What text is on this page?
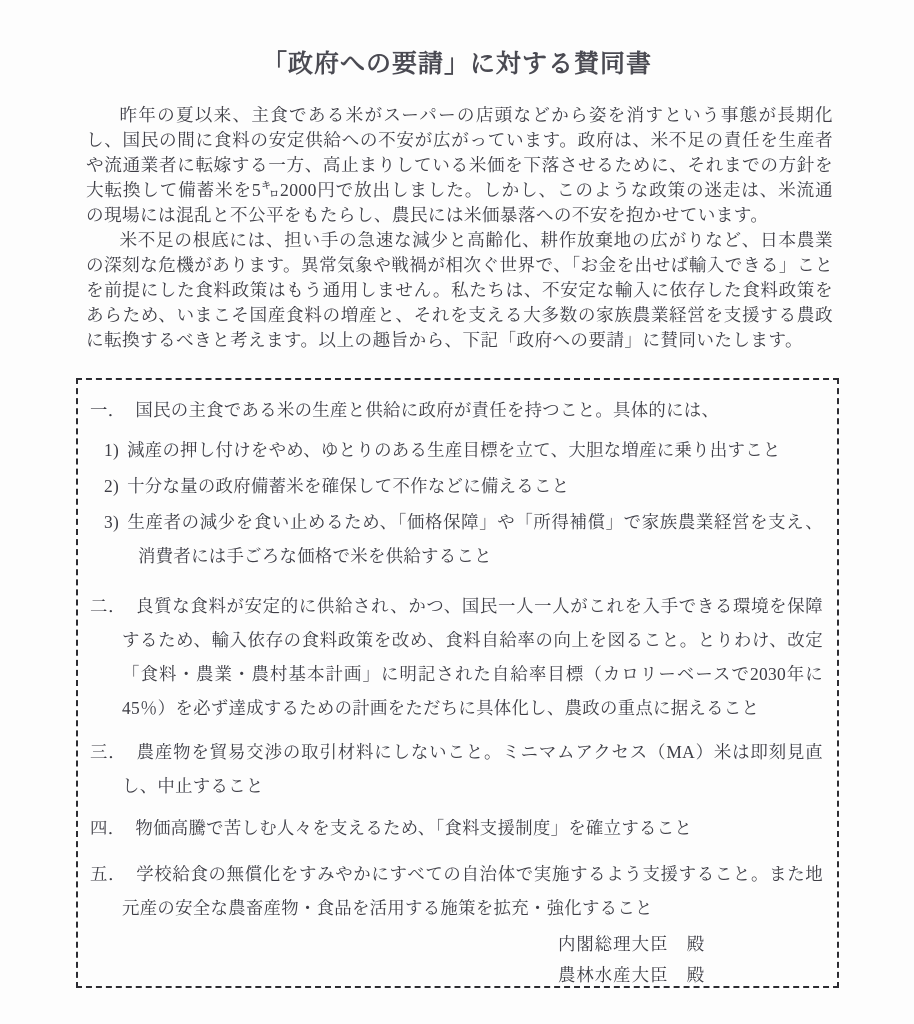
「政府への要請」に対する賛同書

昨年の夏以来、主食である米がスーパーの店頭などから姿を消すという事態が長期化し、国民の間に食料の安定供給への不安が広がっています。政府は、米不足の責任を生産者や流通業者に転嫁する一方、高止まりしている米価を下落させるために、それまでの方針を大転換して備蓄米を5㌔2000円で放出しました。しかし、このような政策の迷走は、米流通の現場には混乱と不公平をもたらし、農民には米価暴落への不安を抱かせています。

米不足の根底には、担い手の急速な減少と高齢化、耕作放棄地の広がりなど、日本農業の深刻な危機があります。異常気象や戦禍が相次ぐ世界で、「お金を出せば輸入できる」ことを前提にした食料政策はもう通用しません。私たちは、不安定な輸入に依存した食料政策をあらため、いまこそ国産食料の増産と、それを支える大多数の家族農業経営を支援する農政に転換するべきと考えます。以上の趣旨から、下記「政府への要請」に賛同いたします。

一． 国民の主食である米の生産と供給に政府が責任を持つこと。具体的には、
1) 減産の押し付けをやめ、ゆとりのある生産目標を立て、大胆な増産に乗り出すこと
2) 十分な量の政府備蓄米を確保して不作などに備えること
3) 生産者の減少を食い止めるため、「価格保障」や「所得補償」で家族農業経営を支え、消費者には手ごろな価格で米を供給すること
二． 良質な食料が安定的に供給され、かつ、国民一人一人がこれを入手できる環境を保障するため、輸入依存の食料政策を改め、食料自給率の向上を図ること。とりわけ、改定「食料・農業・農村基本計画」に明記された自給率目標（カロリーベースで2030年に45％）を必ず達成するための計画をただちに具体化し、農政の重点に据えること
三． 農産物を貿易交渉の取引材料にしないこと。ミニマムアクセス（MA）米は即刻見直し、中止すること
四． 物価高騰で苦しむ人々を支えるため、「食料支援制度」を確立すること
五． 学校給食の無償化をすみやかにすべての自治体で実施するよう支援すること。また地元産の安全な農畜産物・食品を活用する施策を拡充・強化すること
内閣総理大臣　殿
農林水産大臣　殿
